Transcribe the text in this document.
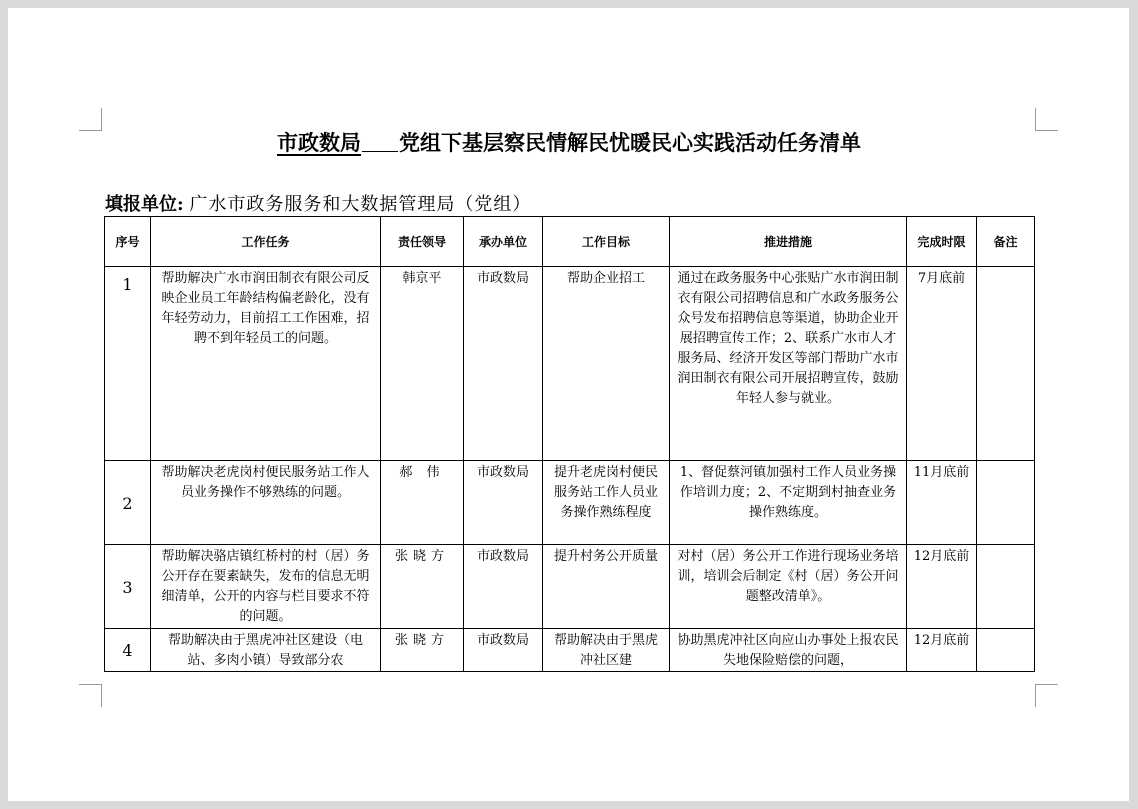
市政数局 党组下基层察民情解民忧暖民心实践活动任务清单
填报单位: 广水市政务服务和大数据管理局（党组）
序号	工作任务	责任领导	承办单位	工作目标	推进措施	完成时限	备注
1	帮助解决广水市润田制衣有限公司反映企业员工年龄结构偏老龄化，没有年轻劳动力，目前招工工作困难，招聘不到年轻员工的问题。	韩京平	市政数局	帮助企业招工	通过在政务服务中心张贴广水市润田制衣有限公司招聘信息和广水政务服务公众号发布招聘信息等渠道，协助企业开展招聘宣传工作；2、联系广水市人才服务局、经济开发区等部门帮助广水市润田制衣有限公司开展招聘宣传，鼓励年轻人参与就业。	7月底前	

2	帮助解决老虎岗村便民服务站工作人员业务操作不够熟练的问题。	郝 伟	市政数局	提升老虎岗村便民服务站工作人员业务操作熟练程度	1、督促蔡河镇加强村工作人员业务操作培训力度；2、不定期到村抽查业务操作熟练度。	11月底前	

3	帮助解决骆店镇红桥村的村（居）务公开存在要素缺失，发布的信息无明细清单，公开的内容与栏目要求不符的问题。	张晓方	市政数局	提升村务公开质量	对村（居）务公开工作进行现场业务培训，培训会后制定《村（居）务公开问题整改清单》。	12月底前	

4	帮助解决由于黑虎冲社区建设（电站、多肉小镇）导致部分农	张晓方	市政数局	帮助解决由于黑虎冲社区建	协助黑虎冲社区向应山办事处上报农民失地保险赔偿的问题，	12月底前	
